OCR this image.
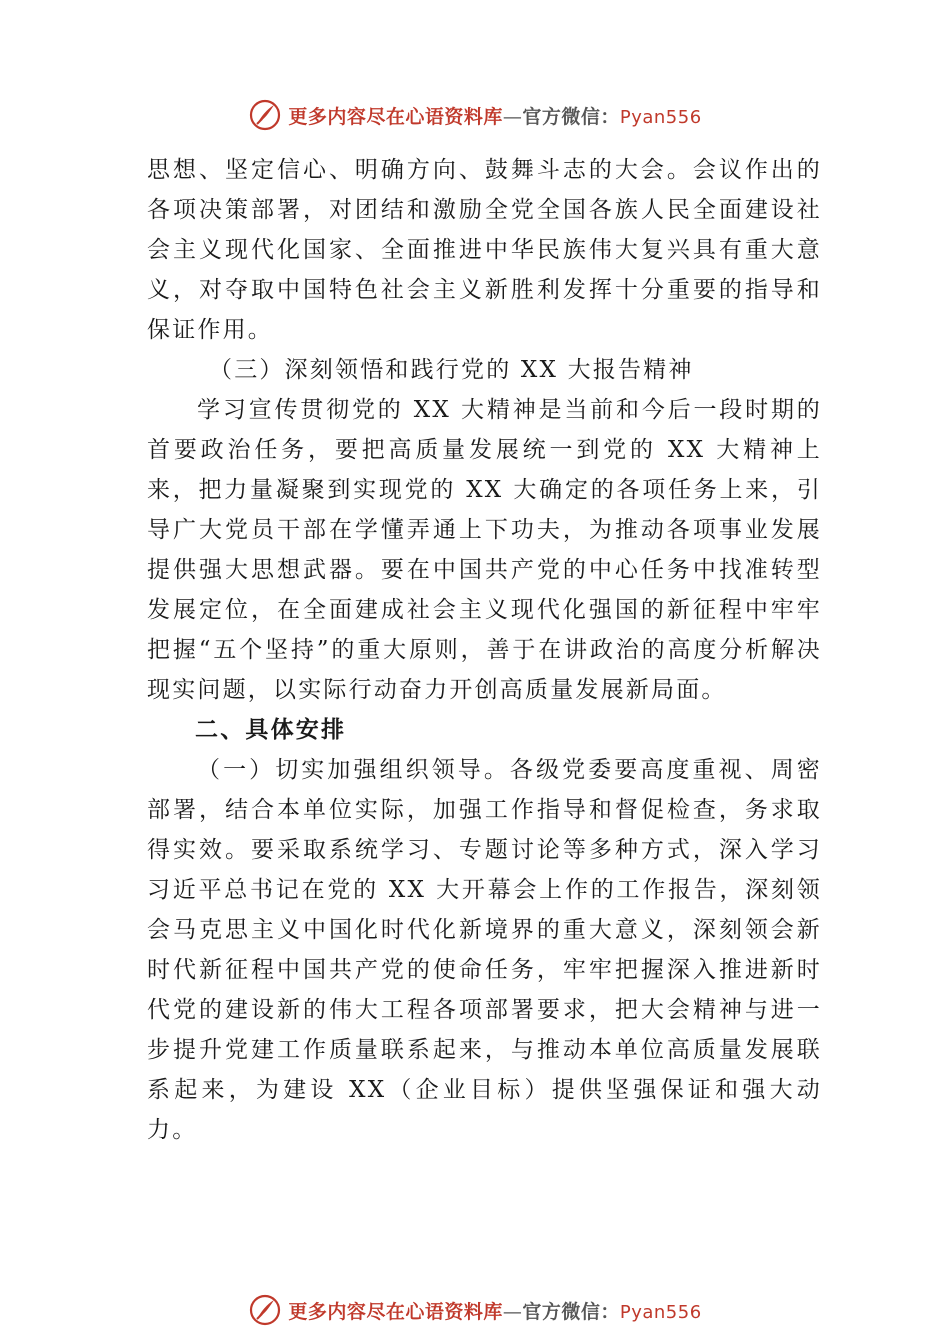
更多内容尽在心语资料库—官方微信：Pyan556

思想、坚定信心、明确方向、鼓舞斗志的大会。会议作出的各项决策部署，对团结和激励全党全国各族人民全面建设社会主义现代化国家、全面推进中华民族伟大复兴具有重大意义，对夺取中国特色社会主义新胜利发挥十分重要的指导和保证作用。

（三）深刻领悟和践行党的 XX 大报告精神

学习宣传贯彻党的 XX 大精神是当前和今后一段时期的首要政治任务，要把高质量发展统一到党的 XX 大精神上来，把力量凝聚到实现党的 XX 大确定的各项任务上来，引导广大党员干部在学懂弄通上下功夫，为推动各项事业发展提供强大思想武器。要在中国共产党的中心任务中找准转型发展定位，在全面建成社会主义现代化强国的新征程中牢牢把握“五个坚持”的重大原则，善于在讲政治的高度分析解决现实问题，以实际行动奋力开创高质量发展新局面。

二、具体安排

（一）切实加强组织领导。各级党委要高度重视、周密部署，结合本单位实际，加强工作指导和督促检查，务求取得实效。要采取系统学习、专题讨论等多种方式，深入学习习近平总书记在党的 XX 大开幕会上作的工作报告，深刻领会马克思主义中国化时代化新境界的重大意义，深刻领会新时代新征程中国共产党的使命任务，牢牢把握深入推进新时代党的建设新的伟大工程各项部署要求，把大会精神与进一步提升党建工作质量联系起来，与推动本单位高质量发展联系起来，为建设 XX（企业目标）提供坚强保证和强大动力。

更多内容尽在心语资料库—官方微信：Pyan556
